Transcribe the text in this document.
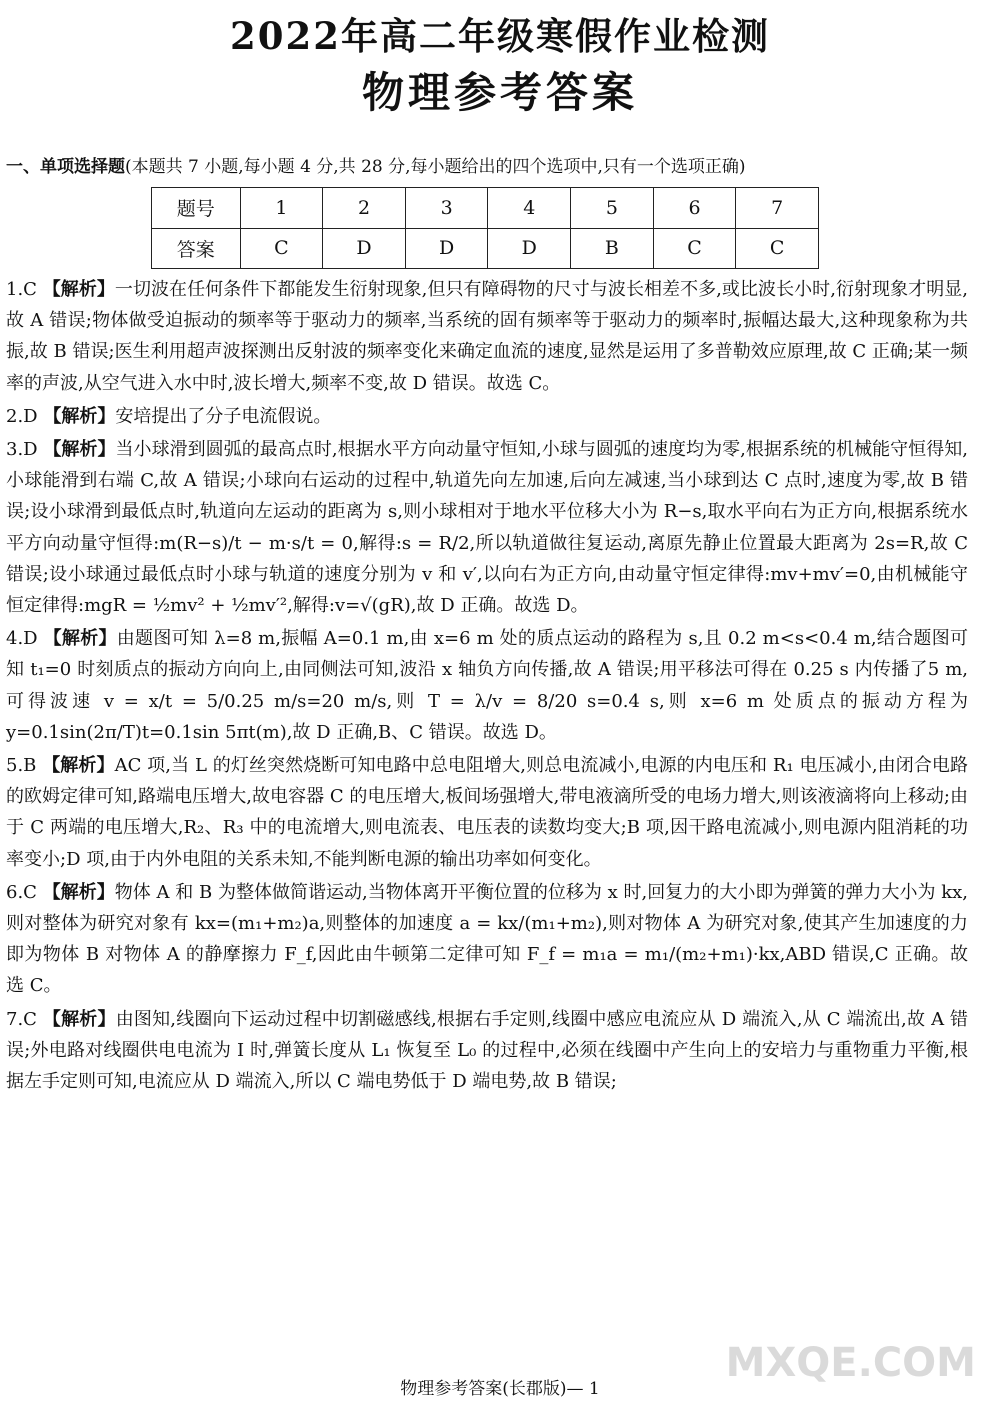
2022年高二年级寒假作业检测
物理参考答案
一、单项选择题(本题共 7 小题,每小题 4 分,共 28 分,每小题给出的四个选项中,只有一个选项正确)
题号	1	2	3	4	5	6	7
答案	C	D	D	D	B	C	C
1.C 【解析】一切波在任何条件下都能发生衍射现象,但只有障碍物的尺寸与波长相差不多,或比波长小时,衍射现象才明显,故 A 错误;物体做受迫振动的频率等于驱动力的频率,当系统的固有频率等于驱动力的频率时,振幅达最大,这种现象称为共振,故 B 错误;医生利用超声波探测出反射波的频率变化来确定血流的速度,显然是运用了多普勒效应原理,故 C 正确;某一频率的声波,从空气进入水中时,波长增大,频率不变,故 D 错误。故选 C。
2.D 【解析】安培提出了分子电流假说。
3.D 【解析】当小球滑到圆弧的最高点时,根据水平方向动量守恒知,小球与圆弧的速度均为零,根据系统的机械能守恒得知,小球能滑到右端 C,故 A 错误;小球向右运动的过程中,轨道先向左加速,后向左减速,当小球到达 C 点时,速度为零,故 B 错误;设小球滑到最低点时,轨道向左运动的距离为 s,则小球相对于地水平位移大小为 R−s,取水平向右为正方向,根据系统水平方向动量守恒得:m(R−s)/t − m·s/t = 0,解得:s = R/2,所以轨道做往复运动,离原先静止位置最大距离为 2s=R,故 C 错误;设小球通过最低点时小球与轨道的速度分别为 v 和 v′,以向右为正方向,由动量守恒定律得:mv+mv′=0,由机械能守恒定律得:mgR = ½mv² + ½mv′²,解得:v=√(gR),故 D 正确。故选 D。
4.D 【解析】由题图可知 λ=8 m,振幅 A=0.1 m,由 x=6 m 处的质点运动的路程为 s,且 0.2 m<s<0.4 m,结合题图可知 t₁=0 时刻质点的振动方向向上,由同侧法可知,波沿 x 轴负方向传播,故 A 错误;用平移法可得在 0.25 s 内传播了5 m,可得波速 v = x/t = 5/0.25 m/s=20 m/s,则 T = λ/v = 8/20 s=0.4 s,则 x=6 m 处质点的振动方程为 y=0.1sin(2π/T)t=0.1sin 5πt(m),故 D 正确,B、C 错误。故选 D。
5.B 【解析】AC 项,当 L 的灯丝突然烧断可知电路中总电阻增大,则总电流减小,电源的内电压和 R₁ 电压减小,由闭合电路的欧姆定律可知,路端电压增大,故电容器 C 的电压增大,板间场强增大,带电液滴所受的电场力增大,则该液滴将向上移动;由于 C 两端的电压增大,R₂、R₃ 中的电流增大,则电流表、电压表的读数均变大;B 项,因干路电流减小,则电源内阻消耗的功率变小;D 项,由于内外电阻的关系未知,不能判断电源的输出功率如何变化。
6.C 【解析】物体 A 和 B 为整体做简谐运动,当物体离开平衡位置的位移为 x 时,回复力的大小即为弹簧的弹力大小为 kx,则对整体为研究对象有 kx=(m₁+m₂)a,则整体的加速度 a = kx/(m₁+m₂),则对物体 A 为研究对象,使其产生加速度的力即为物体 B 对物体 A 的静摩擦力 F_f,因此由牛顿第二定律可知 F_f = m₁a = m₁/(m₂+m₁)·kx,ABD 错误,C 正确。故选 C。
7.C 【解析】由图知,线圈向下运动过程中切割磁感线,根据右手定则,线圈中感应电流应从 D 端流入,从 C 端流出,故 A 错误;外电路对线圈供电电流为 I 时,弹簧长度从 L₁ 恢复至 L₀ 的过程中,必须在线圈中产生向上的安培力与重物重力平衡,根据左手定则可知,电流应从 D 端流入,所以 C 端电势低于 D 端电势,故 B 错误;
MXQE.COM
物理参考答案(长郡版)— 1
